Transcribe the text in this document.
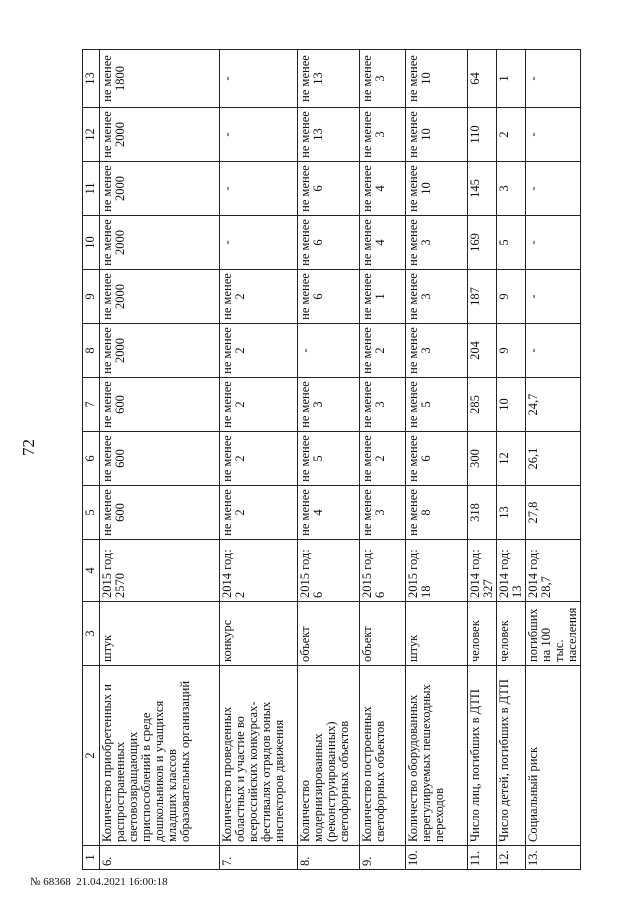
№ 68368 21.04.2021 16:00:18
72
1	2	3	4	5	6	7	8	9	10	11	12	13
6.	Количество приобретенных и распространенных световозвращающих приспособлений в среде дошкольников и учащихся младших классов образовательных организаций	штук	2015 год: 2570	не менее 600	не менее 600	не менее 600	не менее 2000	не менее 2000	не менее 2000	не менее 2000	не менее 2000	не менее 1800
7.	Количество проведенных областных и участие во всероссийских конкурсах-фестивалях отрядов юных инспекторов движения	конкурс	2014 год: 2	не менее 2	не менее 2	не менее 2	не менее 2	не менее 2	-	-	-	-
8.	Количество модернизированных (реконструированных) светофорных объектов	объект	2015 год: 6	не менее 4	не менее 5	не менее 3	-	не менее 6	не менее 6	не менее 6	не менее 13	не менее 13
9.	Количество построенных светофорных объектов	объект	2015 год: 6	не менее 3	не менее 2	не менее 3	не менее 2	не менее 1	не менее 4	не менее 4	не менее 3	не менее 3
10.	Количество оборудованных нерегулируемых пешеходных переходов	штук	2015 год: 18	не менее 8	не менее 6	не менее 5	не менее 3	не менее 3	не менее 3	не менее 10	не менее 10	не менее 10
11.	Число лиц, погибших в ДТП	человек	2014 год: 327	318	300	285	204	187	169	145	110	64
12.	Число детей, погибших в ДТП	человек	2014 год: 13	13	12	10	9	9	5	3	2	1
13.	Социальный риск	погибших на 100 тыс. населения	2014 год: 28,7	27,8	26,1	24,7	-	-	-	-	-	-
